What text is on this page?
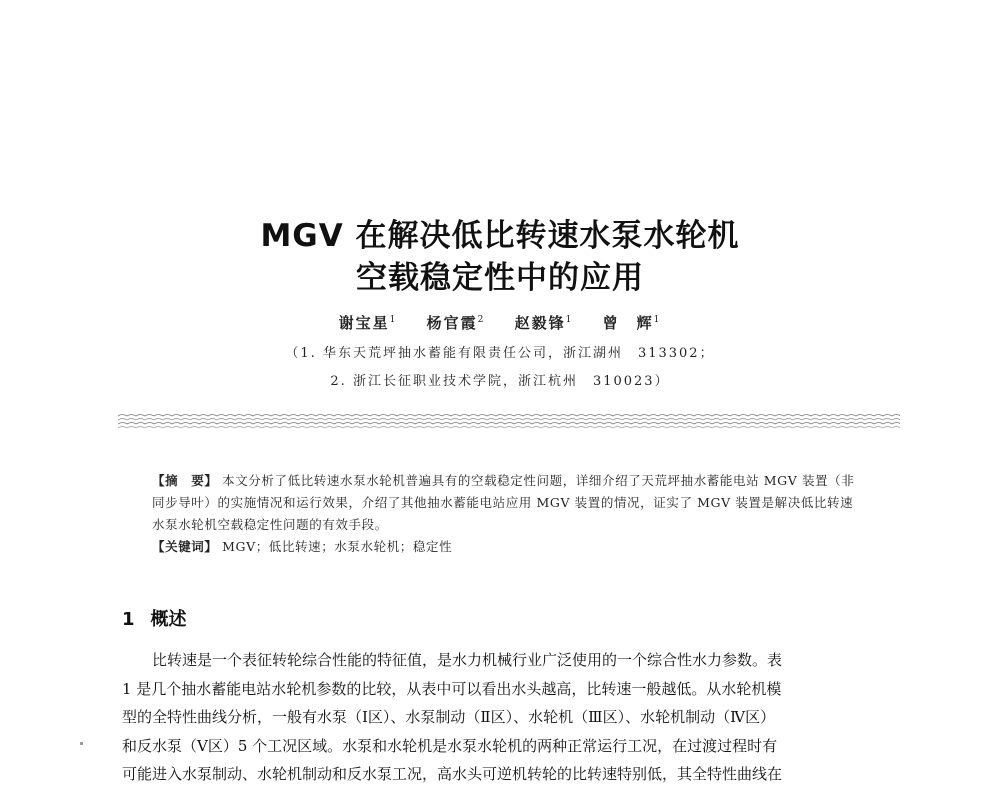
MGV 在解决低比转速水泵水轮机
空载稳定性中的应用
谢宝星$^1$ 杨官霞$^2$ 赵毅锋$^1$ 曾　辉$^1$
（1. 华东天荒坪抽水蓄能有限责任公司，浙江湖州　313302；
2. 浙江长征职业技术学院，浙江杭州　310023）
【摘　要】 本文分析了低比转速水泵水轮机普遍具有的空载稳定性问题，详细介绍了天荒坪抽水蓄能电站 MGV 装置（非同步导叶）的实施情况和运行效果，介绍了其他抽水蓄能电站应用 MGV 装置的情况，证实了 MGV 装置是解决低比转速水泵水轮机空载稳定性问题的有效手段。
【关键词】 MGV；低比转速；水泵水轮机；稳定性
1 概述
比转速是一个表征转轮综合性能的特征值，是水力机械行业广泛使用的一个综合性水力参数。表
1 是几个抽水蓄能电站水轮机参数的比较，从表中可以看出水头越高，比转速一般越低。从水轮机模
型的全特性曲线分析，一般有水泵（Ⅰ区）、水泵制动（Ⅱ区）、水轮机（Ⅲ区）、水轮机制动（Ⅳ区）
和反水泵（Ⅴ区）5 个工况区域。水泵和水轮机是水泵水轮机的两种正常运行工况，在过渡过程时有
可能进入水泵制动、水轮机制动和反水泵工况，高水头可逆机转轮的比转速特别低，其全特性曲线在
